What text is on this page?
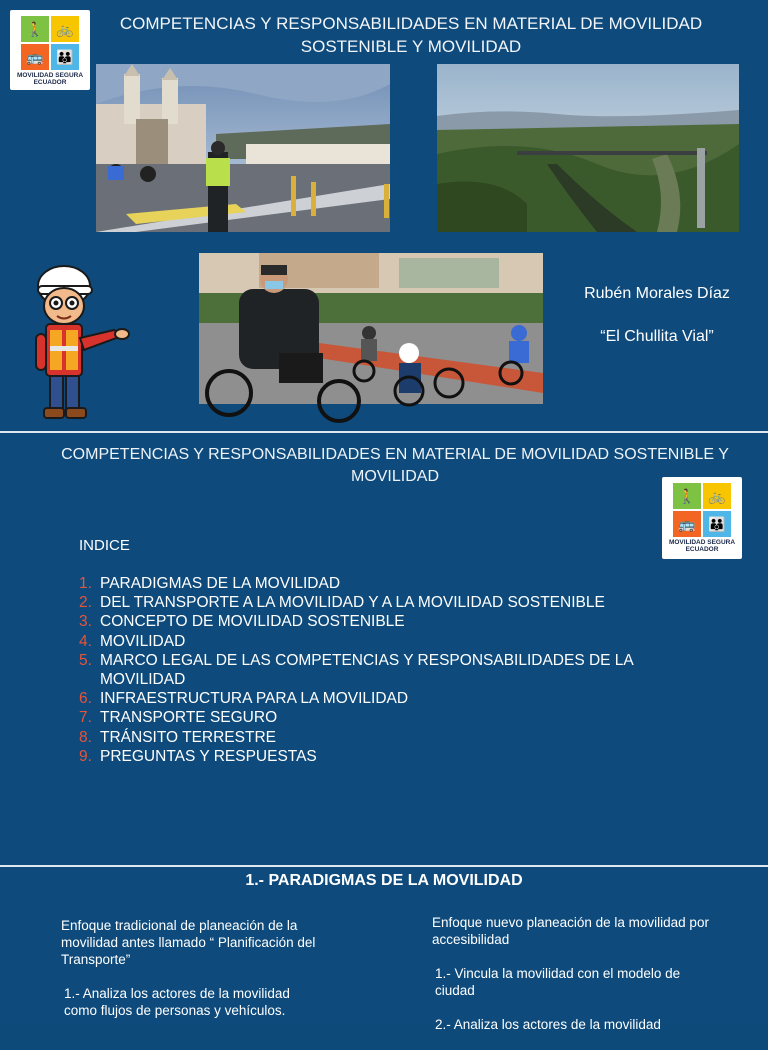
🚶 🚲
🚌 👪
MOVILIDAD SEGURA ECUADOR
COMPETENCIAS Y RESPONSABILIDADES EN MATERIAL DE MOVILIDAD SOSTENIBLE Y MOVILIDAD
Rubén Morales Díaz
“El Chullita Vial”
COMPETENCIAS Y RESPONSABILIDADES EN MATERIAL DE MOVILIDAD SOSTENIBLE Y MOVILIDAD
🚶 🚲
🚌 👪
MOVILIDAD SEGURA ECUADOR
INDICE
1. PARADIGMAS DE LA MOVILIDAD
2. DEL TRANSPORTE A LA MOVILIDAD Y A LA MOVILIDAD SOSTENIBLE
3. CONCEPTO DE MOVILIDAD SOSTENIBLE
4. MOVILIDAD
5. MARCO LEGAL DE LAS COMPETENCIAS Y RESPONSABILIDADES DE LA MOVILIDAD
6. INFRAESTRUCTURA PARA LA MOVILIDAD
7. TRANSPORTE SEGURO
8. TRÁNSITO TERRESTRE
9. PREGUNTAS Y RESPUESTAS
1.- PARADIGMAS DE LA MOVILIDAD

Enfoque tradicional de planeación de la movilidad antes llamado “ Planificación del Transporte”

1.- Analiza los actores de la movilidad como flujos de personas y vehículos.

Enfoque nuevo planeación de la movilidad por accesibilidad

1.- Vincula la movilidad con el modelo de ciudad

2.- Analiza los actores de la movilidad
